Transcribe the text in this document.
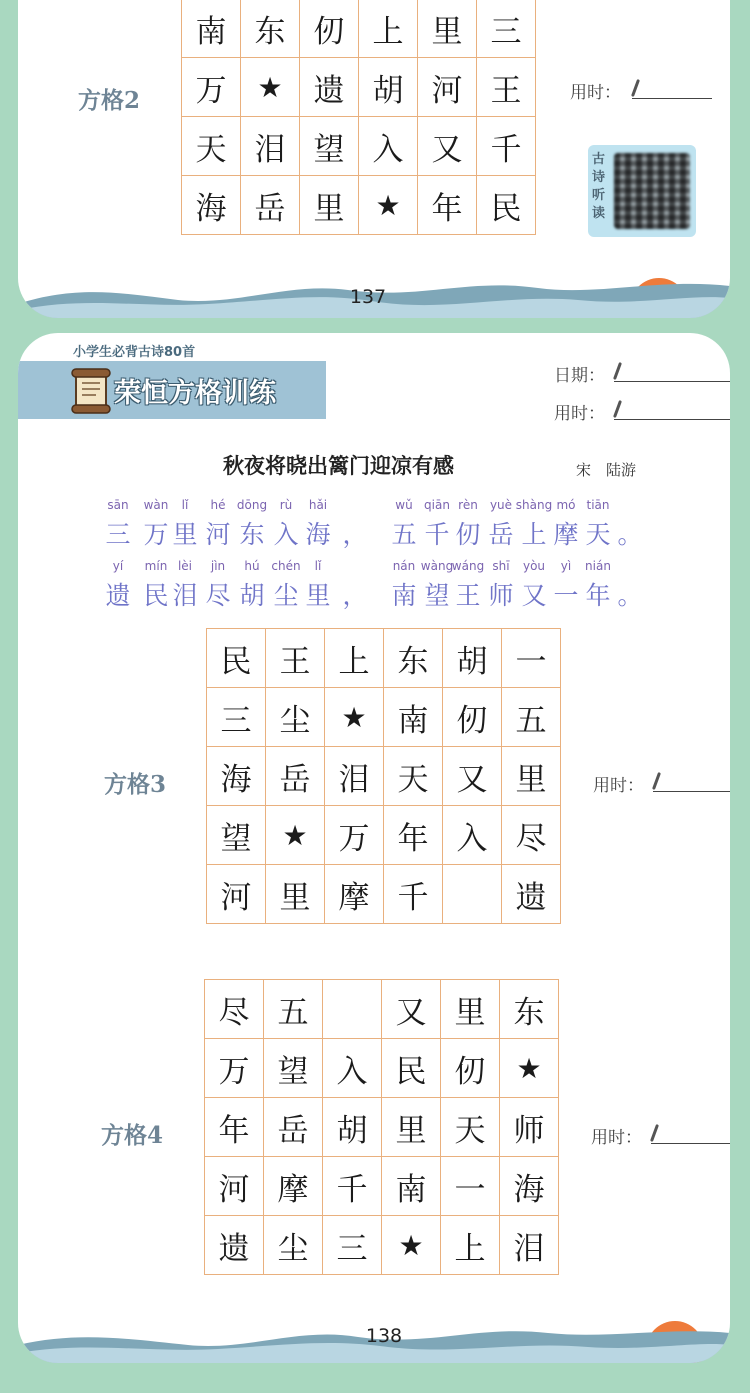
方格2
南	东	仞	上	里	三
万	★	遗	胡	河	王
天	泪	望	入	又	千
海	岳	里	★	年	民
用时：
古诗听读
137
小学生必背古诗80首
荣恒方格训练
日期：
用时：
秋夜将晓出篱门迎凉有感	宋　陆游
sān	wàn	lǐ	hé dōng	rù	hǎi	wǔ qiān rèn	yuè shàng mó tiān
三 万 里 河 东 入 海 ， 五 千 仞 岳 上 摩 天 。
yí	mín lèi	jìn	hú chén	lǐ	nán wàng
wáng shī	yòu	yì	nián
遗 民 泪 尽 胡 尘 里 ， 南 望 王 师 又 一 年 。
方格3
民	王	上	东	胡	一
三	尘	★	南	仞	五
海	岳	泪	天	又	里
望	★	万	年	入	尽
河	里	摩	千		遗
用时：
方格4
尽	五		又	里	东
万	望	入	民	仞	★
年	岳	胡	里	天	师
河	摩	千	南	一	海
遗	尘	三	★	上	泪
用时：
138
